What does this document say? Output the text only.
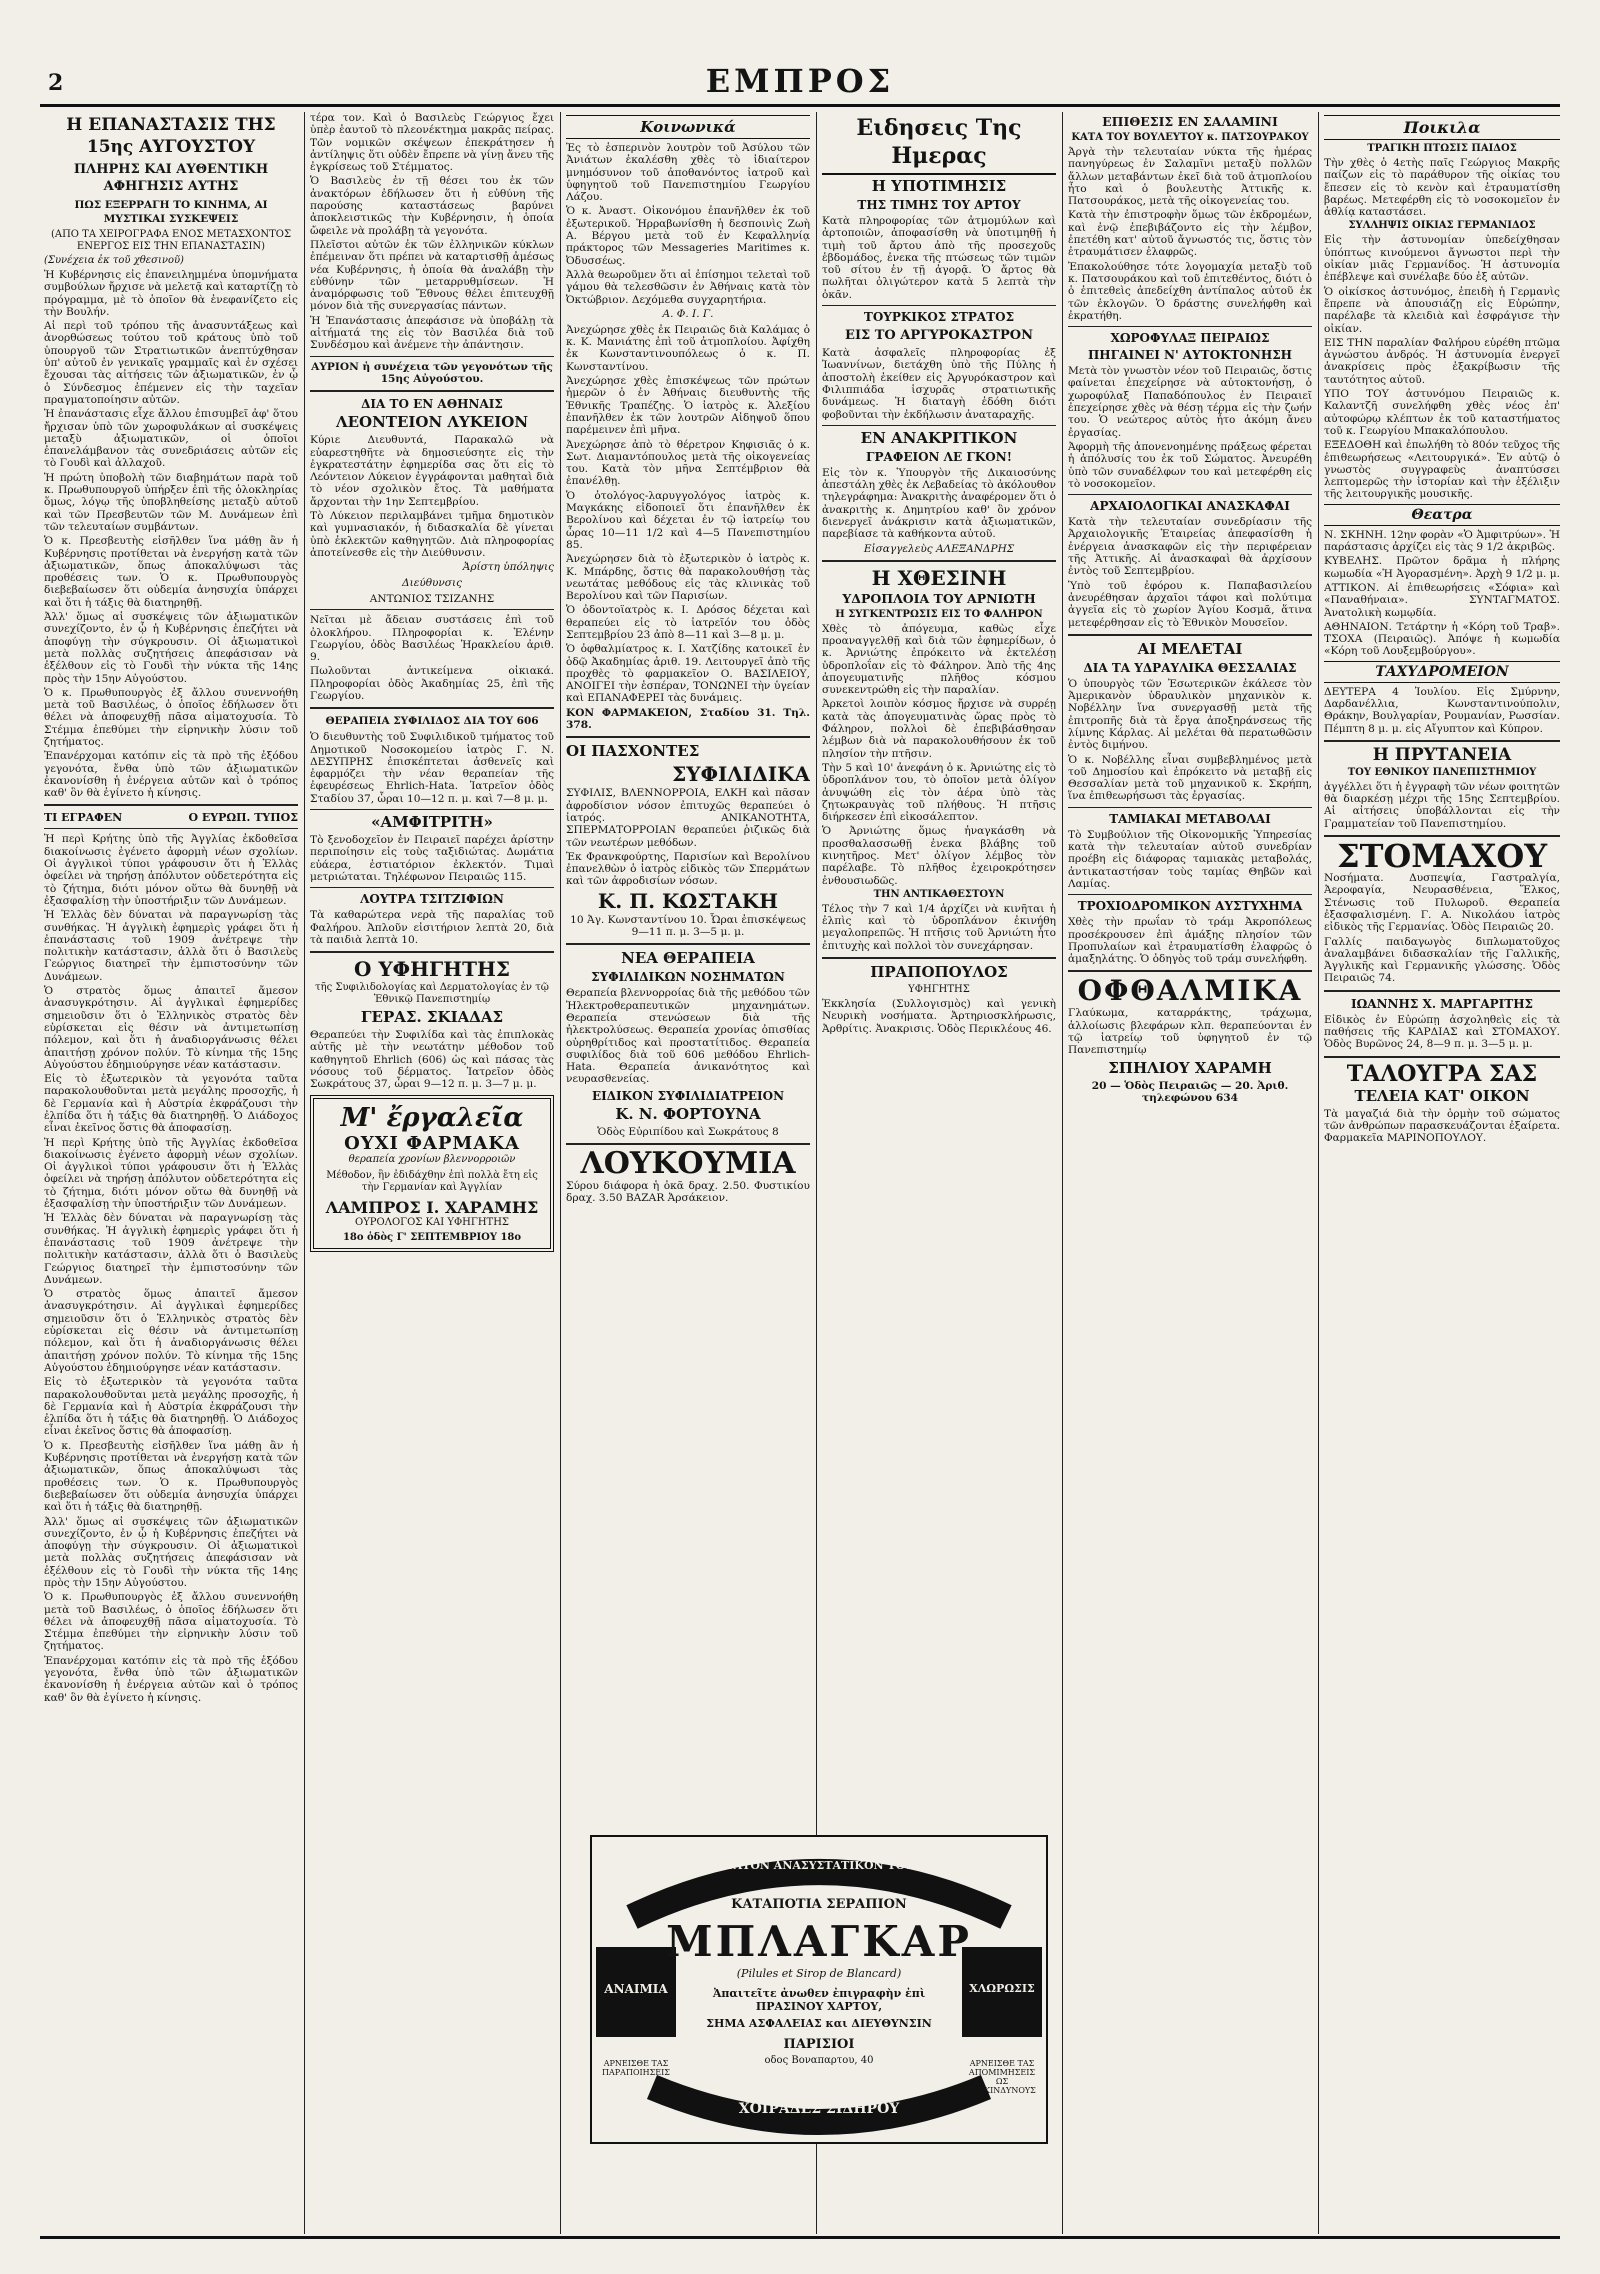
2	ΕΜΠΡΟΣ
Η ΕΠΑΝΑΣΤΑΣΙΣ ΤΗΣ 15ης ΑΥΓΟΥΣΤΟΥ
ΠΛΗΡΗΣ ΚΑΙ ΑΥΘΕΝΤΙΚΗ ΑΦΗΓΗΣΙΣ ΑΥΤΗΣ
ΠΩΣ ΕΞΕΡΡΑΓΗ ΤΟ ΚΙΝΗΜΑ, ΑΙ ΜΥΣΤΙΚΑΙ ΣΥΣΚΕΨΕΙΣ
(ΑΠΟ ΤΑ ΧΕΙΡΟΓΡΑΦΑ ΕΝΟΣ ΜΕΤΑΣΧΟΝΤΟΣ ΕΝΕΡΓΟΣ ΕΙΣ ΤΗΝ ΕΠΑΝΑΣΤΑΣΙΝ)
(Συνέχεια ἐκ τοῦ χθεσινοῦ)

Ἡ Κυβέρνησις εἰς ἐπανειλημμένα ὑπομνήματα συμβούλων ἤρχισε νὰ μελετᾷ καὶ καταρτίζῃ τὸ πρόγραμμα, μὲ τὸ ὁποῖον θὰ ἐνεφανίζετο εἰς τὴν Βουλήν.

Αἱ περὶ τοῦ τρόπου τῆς ἀνασυντάξεως καὶ ἀνορθώσεως τούτου τοῦ κράτους ὑπὸ τοῦ ὑπουργοῦ τῶν Στρατιωτικῶν ἀνεπτύχθησαν ὑπ' αὐτοῦ ἐν γενικαῖς γραμμαῖς καὶ ἐν σχέσει ἔχουσαι τὰς αἰτήσεις τῶν ἀξιωματικῶν, ἐν ᾧ ὁ Σύνδεσμος ἐπέμενεν εἰς τὴν ταχεῖαν πραγματοποίησιν αὐτῶν.

Ἡ ἐπανάστασις εἶχε ἄλλου ἐπισυμβεῖ ἀφ' ὅτου ἤρχισαν ὑπὸ τῶν χωροφυλάκων αἱ συσκέψεις μεταξὺ ἀξιωματικῶν, οἱ ὁποῖοι ἐπανελάμβανον τὰς συνεδριάσεις αὐτῶν εἰς τὸ Γουδὶ καὶ ἀλλαχοῦ.

Ἡ πρώτη ὑποβολὴ τῶν διαβημάτων παρὰ τοῦ κ. Πρωθυπουργοῦ ὑπήρξεν ἐπὶ τῆς ὁλοκληρίας ὅμως, λόγῳ τῆς ὑποβληθείσης μεταξὺ αὐτοῦ καὶ τῶν Πρεσβευτῶν τῶν Μ. Δυνάμεων ἐπὶ τῶν τελευταίων συμβάντων.

Ὁ κ. Πρεσβευτὴς εἰσῆλθεν ἵνα μάθῃ ἂν ἡ Κυβέρνησις προτίθεται νὰ ἐνεργήσῃ κατὰ τῶν ἀξιωματικῶν, ὅπως ἀποκαλύψωσι τὰς προθέσεις των. Ὁ κ. Πρωθυπουργὸς διεβεβαίωσεν ὅτι οὐδεμία ἀνησυχία ὑπάρχει καὶ ὅτι ἡ τάξις θὰ διατηρηθῇ.

Ἀλλ' ὅμως αἱ συσκέψεις τῶν ἀξιωματικῶν συνεχίζοντο, ἐν ᾧ ἡ Κυβέρνησις ἐπεζήτει νὰ ἀποφύγῃ τὴν σύγκρουσιν. Οἱ ἀξιωματικοὶ μετὰ πολλὰς συζητήσεις ἀπεφάσισαν νὰ ἐξέλθουν εἰς τὸ Γουδὶ τὴν νύκτα τῆς 14ης πρὸς τὴν 15ην Αὐγούστου.

Ὁ κ. Πρωθυπουργὸς ἐξ ἄλλου συνεννοήθη μετὰ τοῦ Βασιλέως, ὁ ὁποῖος ἐδήλωσεν ὅτι θέλει νὰ ἀποφευχθῇ πᾶσα αἱματοχυσία. Τὸ Στέμμα ἐπεθύμει τὴν εἰρηνικὴν λύσιν τοῦ ζητήματος.

Ἐπανέρχομαι κατόπιν εἰς τὰ πρὸ τῆς ἐξόδου γεγονότα, ἔνθα ὑπὸ τῶν ἀξιωματικῶν ἐκανονίσθη ἡ ἐνέργεια αὐτῶν καὶ ὁ τρόπος καθ' ὃν θὰ ἐγίνετο ἡ κίνησις.

ΤΙ ΕΓΡΑΦΕΝ	Ο ΕΥΡΩΠ. ΤΥΠΟΣ

Ἡ περὶ Κρήτης ὑπὸ τῆς Ἀγγλίας ἐκδοθεῖσα διακοίνωσις ἐγένετο ἀφορμὴ νέων σχολίων. Οἱ ἀγγλικοὶ τύποι γράφουσιν ὅτι ἡ Ἑλλὰς ὀφείλει νὰ τηρήσῃ ἀπόλυτον οὐδετερότητα εἰς τὸ ζήτημα, διότι μόνον οὕτω θὰ δυνηθῇ νὰ ἐξασφαλίσῃ τὴν ὑποστήριξιν τῶν Δυνάμεων.

Ἡ Ἑλλὰς δὲν δύναται νὰ παραγνωρίσῃ τὰς συνθήκας. Ἡ ἀγγλικὴ ἐφημερὶς γράφει ὅτι ἡ ἐπανάστασις τοῦ 1909 ἀνέτρεψε τὴν πολιτικὴν κατάστασιν, ἀλλὰ ὅτι ὁ Βασιλεὺς Γεώργιος διατηρεῖ τὴν ἐμπιστοσύνην τῶν Δυνάμεων.

Ὁ στρατὸς ὅμως ἀπαιτεῖ ἄμεσον ἀνασυγκρότησιν. Αἱ ἀγγλικαὶ ἐφημερίδες σημειοῦσιν ὅτι ὁ Ἑλληνικὸς στρατὸς δὲν εὑρίσκεται εἰς θέσιν νὰ ἀντιμετωπίσῃ πόλεμον, καὶ ὅτι ἡ ἀναδιοργάνωσις θέλει ἀπαιτήσῃ χρόνον πολύν. Τὸ κίνημα τῆς 15ης Αὐγούστου ἐδημιούργησε νέαν κατάστασιν.

Εἰς τὸ ἐξωτερικὸν τὰ γεγονότα ταῦτα παρακολουθοῦνται μετὰ μεγάλης προσοχῆς, ἡ δὲ Γερμανία καὶ ἡ Αὐστρία ἐκφράζουσι τὴν ἐλπίδα ὅτι ἡ τάξις θὰ διατηρηθῇ. Ὁ Διάδοχος εἶναι ἐκεῖνος ὅστις θὰ ἀποφασίσῃ.

Ἡ περὶ Κρήτης ὑπὸ τῆς Ἀγγλίας ἐκδοθεῖσα διακοίνωσις ἐγένετο ἀφορμὴ νέων σχολίων. Οἱ ἀγγλικοὶ τύποι γράφουσιν ὅτι ἡ Ἑλλὰς ὀφείλει νὰ τηρήσῃ ἀπόλυτον οὐδετερότητα εἰς τὸ ζήτημα, διότι μόνον οὕτω θὰ δυνηθῇ νὰ ἐξασφαλίσῃ τὴν ὑποστήριξιν τῶν Δυνάμεων.

Ἡ Ἑλλὰς δὲν δύναται νὰ παραγνωρίσῃ τὰς συνθήκας. Ἡ ἀγγλικὴ ἐφημερὶς γράφει ὅτι ἡ ἐπανάστασις τοῦ 1909 ἀνέτρεψε τὴν πολιτικὴν κατάστασιν, ἀλλὰ ὅτι ὁ Βασιλεὺς Γεώργιος διατηρεῖ τὴν ἐμπιστοσύνην τῶν Δυνάμεων.

Ὁ στρατὸς ὅμως ἀπαιτεῖ ἄμεσον ἀνασυγκρότησιν. Αἱ ἀγγλικαὶ ἐφημερίδες σημειοῦσιν ὅτι ὁ Ἑλληνικὸς στρατὸς δὲν εὑρίσκεται εἰς θέσιν νὰ ἀντιμετωπίσῃ πόλεμον, καὶ ὅτι ἡ ἀναδιοργάνωσις θέλει ἀπαιτήσῃ χρόνον πολύν. Τὸ κίνημα τῆς 15ης Αὐγούστου ἐδημιούργησε νέαν κατάστασιν.

Εἰς τὸ ἐξωτερικὸν τὰ γεγονότα ταῦτα παρακολουθοῦνται μετὰ μεγάλης προσοχῆς, ἡ δὲ Γερμανία καὶ ἡ Αὐστρία ἐκφράζουσι τὴν ἐλπίδα ὅτι ἡ τάξις θὰ διατηρηθῇ. Ὁ Διάδοχος εἶναι ἐκεῖνος ὅστις θὰ ἀποφασίσῃ.

Ὁ κ. Πρεσβευτὴς εἰσῆλθεν ἵνα μάθῃ ἂν ἡ Κυβέρνησις προτίθεται νὰ ἐνεργήσῃ κατὰ τῶν ἀξιωματικῶν, ὅπως ἀποκαλύψωσι τὰς προθέσεις των. Ὁ κ. Πρωθυπουργὸς διεβεβαίωσεν ὅτι οὐδεμία ἀνησυχία ὑπάρχει καὶ ὅτι ἡ τάξις θὰ διατηρηθῇ.

Ἀλλ' ὅμως αἱ συσκέψεις τῶν ἀξιωματικῶν συνεχίζοντο, ἐν ᾧ ἡ Κυβέρνησις ἐπεζήτει νὰ ἀποφύγῃ τὴν σύγκρουσιν. Οἱ ἀξιωματικοὶ μετὰ πολλὰς συζητήσεις ἀπεφάσισαν νὰ ἐξέλθουν εἰς τὸ Γουδὶ τὴν νύκτα τῆς 14ης πρὸς τὴν 15ην Αὐγούστου.

Ὁ κ. Πρωθυπουργὸς ἐξ ἄλλου συνεννοήθη μετὰ τοῦ Βασιλέως, ὁ ὁποῖος ἐδήλωσεν ὅτι θέλει νὰ ἀποφευχθῇ πᾶσα αἱματοχυσία. Τὸ Στέμμα ἐπεθύμει τὴν εἰρηνικὴν λύσιν τοῦ ζητήματος.

Ἐπανέρχομαι κατόπιν εἰς τὰ πρὸ τῆς ἐξόδου γεγονότα, ἔνθα ὑπὸ τῶν ἀξιωματικῶν ἐκανονίσθη ἡ ἐνέργεια αὐτῶν καὶ ὁ τρόπος καθ' ὃν θὰ ἐγίνετο ἡ κίνησις.

τέρα τον. Καὶ ὁ Βασιλεὺς Γεώργιος ἔχει ὑπὲρ ἑαυτοῦ τὸ πλεονέκτημα μακρᾶς πείρας. Τῶν νομικῶν σκέψεων ἐπεκράτησεν ἡ ἀντίληψις ὅτι οὐδὲν ἔπρεπε νὰ γίνῃ ἄνευ τῆς ἐγκρίσεως τοῦ Στέμματος.

Ὁ Βασιλεὺς ἐν τῇ θέσει του ἐκ τῶν ἀνακτόρων ἐδήλωσεν ὅτι ἡ εὐθύνη τῆς παρούσης καταστάσεως βαρύνει ἀποκλειστικῶς τὴν Κυβέρνησιν, ἡ ὁποία ὤφειλε νὰ προλάβῃ τὰ γεγονότα.

Πλεῖστοι αὐτῶν ἐκ τῶν ἐλληνικῶν κύκλων ἐπέμειναν ὅτι πρέπει νὰ καταρτισθῇ ἀμέσως νέα Κυβέρνησις, ἡ ὁποία θὰ ἀναλάβῃ τὴν εὐθύνην τῶν μεταρρυθμίσεων. Ἡ ἀναμόρφωσις τοῦ Ἔθνους θέλει ἐπιτευχθῇ μόνον διὰ τῆς συνεργασίας πάντων.

Ἡ Ἐπανάστασις ἀπεφάσισε νὰ ὑποβάλῃ τὰ αἰτήματά της εἰς τὸν Βασιλέα διὰ τοῦ Συνδέσμου καὶ ἀνέμενε τὴν ἀπάντησιν.

ΑΥΡΙΟΝ ἡ συνέχεια τῶν γεγονότων τῆς 15ης Αὐγούστου.

ΔΙΑ ΤΟ ΕΝ ΑΘΗΝΑΙΣ
ΛΕΟΝΤΕΙΟΝ ΛΥΚΕΙΟΝ

Κύριε Διευθυντά, Παρακαλῶ νὰ εὐαρεστηθῆτε νὰ δημοσιεύσητε εἰς τὴν ἐγκρατεστάτην ἐφημερίδα σας ὅτι εἰς τὸ Λεόντειον Λύκειον ἐγγράφονται μαθηταὶ διὰ τὸ νέον σχολικὸν ἔτος. Τὰ μαθήματα ἄρχονται τὴν 1ην Σεπτεμβρίου.

Τὸ Λύκειον περιλαμβάνει τμῆμα δημοτικὸν καὶ γυμνασιακόν, ἡ διδασκαλία δὲ γίνεται ὑπὸ ἐκλεκτῶν καθηγητῶν. Διὰ πληροφορίας ἀποτείνεσθε εἰς τὴν Διεύθυνσιν.

Ἀρίστη ὑπόληψις
Διεύθυνσις
ΑΝΤΩΝΙΟΣ ΤΣΙΖΑΝΗΣ

Νεῖται μὲ ἄδειαν συστάσεις ἐπὶ τοῦ ὀλοκλήρου. Πληροφορίαι κ. Ἑλένην Γεωργίου, ὁδὸς Βασιλέως Ἡρακλείου ἀριθ. 9.

Πωλοῦνται ἀντικείμενα οἰκιακά. Πληροφορίαι ὁδὸς Ἀκαδημίας 25, ἐπὶ τῆς Γεωργίου.

ΘΕΡΑΠΕΙΑ ΣΥΦΙΛΙΔΟΣ ΔΙΑ ΤΟΥ 606

Ὁ διευθυντὴς τοῦ Συφιλιδικοῦ τμήματος τοῦ Δημοτικοῦ Νοσοκομείου ἰατρὸς Γ. Ν. ΔΕΣΥΠΡΗΣ ἐπισκέπτεται ἀσθενεῖς καὶ ἐφαρμόζει τὴν νέαν θεραπείαν τῆς ἐφευρέσεως Ehrlich-Hata. Ἰατρεῖον ὁδὸς Σταδίου 37, ὧραι 10—12 π. μ. καὶ 7—8 μ. μ.

«ΑΜΦΙΤΡΙΤΗ»

Τὸ ξενοδοχεῖον ἐν Πειραιεῖ παρέχει ἀρίστην περιποίησιν εἰς τοὺς ταξιδιώτας. Δωμάτια εὐάερα, ἐστιατόριον ἐκλεκτόν. Τιμαὶ μετριώταται. Τηλέφωνον Πειραιῶς 115.

ΛΟΥΤΡΑ ΤΣΙΤΖΙΦΙΩΝ

Τὰ καθαρώτερα νερὰ τῆς παραλίας τοῦ Φαλήρου. Ἀπλοῦν εἰσιτήριον λεπτὰ 20, διὰ τὰ παιδιὰ λεπτὰ 10.

Ο ΥΦΗΓΗΤΗΣ
τῆς Συφιλιδολογίας καὶ Δερματολογίας ἐν τῷ Ἐθνικῷ Πανεπιστημίῳ
ΓΕΡΑΣ. ΣΚΙΑΔΑΣ

Θεραπεύει τὴν Συφιλίδα καὶ τὰς ἐπιπλοκὰς αὐτῆς μὲ τὴν νεωτάτην μέθοδον τοῦ καθηγητοῦ Ehrlich (606) ὡς καὶ πάσας τὰς νόσους τοῦ δέρματος. Ἰατρεῖον ὁδὸς Σωκράτους 37, ὧραι 9—12 π. μ. 3—7 μ. μ.

Μ' ἔργαλεῖα
ΟΥΧΙ ΦΑΡΜΑΚΑ
θεραπεία χρονίων βλεννορροιῶν
Μέθοδον, ἣν ἐδιδάχθην ἐπὶ πολλὰ ἔτη εἰς τὴν Γερμανίαν καὶ Ἀγγλίαν
ΛΑΜΠΡΟΣ Ι. ΧΑΡΑΜΗΣ
ΟΥΡΟΛΟΓΟΣ ΚΑΙ ΥΦΗΓΗΤΗΣ
18ο ὁδὸς Γ' ΣΕΠΤΕΜΒΡΙΟΥ 18ο
Κοινωνικά

Ἐς τὸ ἑσπερινὸν λουτρὸν τοῦ Ἀσύλου τῶν Ἀνιάτων ἐκαλέσθη χθὲς τὸ ἰδιαίτερον μνημόσυνον τοῦ ἀποθανόντος ἰατροῦ καὶ ὑφηγητοῦ τοῦ Πανεπιστημίου Γεωργίου Λάζου.

Ὁ κ. Ἀναστ. Οἰκονόμου ἐπανῆλθεν ἐκ τοῦ ἐξωτερικοῦ. Ἡρραβωνίσθη ἡ δεσποινὶς Ζωὴ Α. Βέργου μετὰ τοῦ ἐν Κεφαλληνίᾳ πράκτορος τῶν Messageries Maritimes κ. Ὀδυσσέως.

Ἀλλὰ θεωροῦμεν ὅτι αἱ ἐπίσημοι τελεταὶ τοῦ γάμου θὰ τελεσθῶσιν ἐν Ἀθήναις κατὰ τὸν Ὀκτώβριον. Δεχόμεθα συγχαρητήρια.

Α. Φ. Ι. Γ.

Ἀνεχώρησε χθὲς ἐκ Πειραιῶς διὰ Καλάμας ὁ κ. Κ. Μανιάτης ἐπὶ τοῦ ἀτμοπλοίου. Ἀφίχθη ἐκ Κωνσταντινουπόλεως ὁ κ. Π. Κωνσταντίνου.

Ἀνεχώρησε χθὲς ἐπισκέψεως τῶν πρώτων ἡμερῶν ὁ ἐν Ἀθήναις διευθυντὴς τῆς Ἑθνικῆς Τραπέζης. Ὁ ἰατρὸς κ. Ἀλεξίου ἐπανῆλθεν ἐκ τῶν λουτρῶν Αἰδηψοῦ ὅπου παρέμεινεν ἐπὶ μῆνα.

Ἀνεχώρησε ἀπὸ τὸ θέρετρον Κηφισιᾶς ὁ κ. Σωτ. Διαμαντόπουλος μετὰ τῆς οἰκογενείας του. Κατὰ τὸν μῆνα Σεπτέμβριον θὰ ἐπανέλθῃ.

Ὁ ὀτολόγος-λαρυγγολόγος ἰατρὸς κ. Μαγκάκης εἰδοποιεῖ ὅτι ἐπανῆλθεν ἐκ Βερολίνου καὶ δέχεται ἐν τῷ ἰατρείῳ του ὧρας 10—11 1/2 καὶ 4—5 Πανεπιστημίου 85.

Ἀνεχώρησεν διὰ τὸ ἐξωτερικὸν ὁ ἰατρὸς κ. Κ. Μπάρδης, ὅστις θὰ παρακολουθήσῃ τὰς νεωτάτας μεθόδους εἰς τὰς κλινικὰς τοῦ Βερολίνου καὶ τῶν Παρισίων.

Ὁ ὀδοντοϊατρὸς κ. Ι. Δρόσος δέχεται καὶ θεραπεύει εἰς τὸ ἰατρεῖόν του ὁδὸς Σεπτεμβρίου 23 ἀπὸ 8—11 καὶ 3—8 μ. μ.

Ὁ ὀφθαλμίατρος κ. Ι. Χατζίδης κατοικεῖ ἐν ὁδῷ Ἀκαδημίας ἀριθ. 19. Λειτουργεῖ ἀπὸ τῆς προχθὲς τὸ φαρμακεῖον Ο. ΒΑΣΙΛΕΙΟΥ, ΑΝΟΙΓΕΙ τὴν ἑσπέραν, ΤΟΝΩΝΕΙ τὴν ὑγείαν καὶ ΕΠΑΝΑΦΕΡΕΙ τὰς δυνάμεις.

ΚΟΝ ΦΑΡΜΑΚΕΙΟΝ, Σταδίου 31. Τηλ. 378.

ΟΙ ΠΑΣΧΟΝΤΕΣ
ΣΥΦΙΛΙΔΙΚΑ

ΣΥΦΙΛΙΣ, ΒΛΕΝΝΟΡΡΟΙΑ, ΕΛΚΗ καὶ πᾶσαν ἀφροδίσιον νόσον ἐπιτυχῶς θεραπεύει ὁ ἰατρός. ΑΝΙΚΑΝΟΤΗΤΑ, ΣΠΕΡΜΑΤΟΡΡΟΙΑΝ θεραπεύει ῥιζικῶς διὰ τῶν νεωτέρων μεθόδων.

Ἐκ Φρανκφούρτης, Παρισίων καὶ Βερολίνου ἐπανελθὼν ὁ ἰατρὸς εἰδικὸς τῶν Σπερμάτων καὶ τῶν ἀφροδισίων νόσων.

Κ. Π. ΚΩΣΤΑΚΗ

10 Ἀγ. Κωνσταντίνου 10. Ὧραι ἐπισκέψεως 9—11 π. μ. 3—5 μ. μ.

ΝΕΑ ΘΕΡΑΠΕΙΑ
ΣΥΦΙΛΙΔΙΚΩΝ ΝΟΣΗΜΑΤΩΝ

Θεραπεία βλεννορροίας διὰ τῆς μεθόδου τῶν Ἠλεκτροθεραπευτικῶν μηχανημάτων. Θεραπεία στενώσεων διὰ τῆς ἠλεκτρολύσεως. Θεραπεία χρονίας ὀπισθίας οὐρηθρίτιδος καὶ προστατίτιδος. Θεραπεία συφιλίδος διὰ τοῦ 606 μεθόδου Ehrlich-Hata. Θεραπεία ἀνικανότητος καὶ νευρασθενείας.

ΕΙΔΙΚΟΝ ΣΥΦΙΛΙΔΙΑΤΡΕΙΟΝ
Κ. Ν. ΦΟΡΤΟΥΝΑ

Ὁδὸς Εὐριπίδου καὶ Σωκράτους 8

ΛΟΥΚΟΥΜΙΑ

Σύρου διάφορα ἡ ὀκᾶ δραχ. 2.50. Φυστικίου δραχ. 3.50 BAZAR Ἀρσάκειον.

Ειδησεις Της Ημερας
Η ΥΠΟΤΙΜΗΣΙΣ
ΤΗΣ ΤΙΜΗΣ ΤΟΥ ΑΡΤΟΥ

Κατὰ πληροφορίας τῶν ἀτμομύλων καὶ ἀρτοποιῶν, ἀποφασίσθη νὰ ὑποτιμηθῇ ἡ τιμὴ τοῦ ἄρτου ἀπὸ τῆς προσεχοῦς ἑβδομάδος, ἐνεκα τῆς πτώσεως τῶν τιμῶν τοῦ σίτου ἐν τῇ ἀγορᾷ. Ὁ ἄρτος θὰ πωλῆται ὀλιγώτερον κατὰ 5 λεπτὰ τὴν ὀκᾶν.

ΤΟΥΡΚΙΚΟΣ ΣΤΡΑΤΟΣ
ΕΙΣ ΤΟ ΑΡΓΥΡΟΚΑΣΤΡΟΝ

Κατὰ ἀσφαλεῖς πληροφορίας ἐξ Ἰωαννίνων, διετάχθη ὑπὸ τῆς Πύλης ἡ ἀποστολὴ ἐκείθεν εἰς Ἀργυρόκαστρον καὶ Φιλιππιάδα ἱσχυρᾶς στρατιωτικῆς δυνάμεως. Ἡ διαταγὴ ἐδόθη διότι φοβοῦνται τὴν ἐκδήλωσιν ἀναταραχῆς.

ΕΝ ΑΝΑΚΡΙΤΙΚΟΝ
ΓΡΑΦΕΙΟΝ ΛΕ ΓΚΟΝ!

Εἰς τὸν κ. Ὑπουργὸν τῆς Δικαιοσύνης ἀπεστάλη χθὲς ἐκ Λεβαδείας τὸ ἀκόλουθον τηλεγράφημα: Ἀνακριτὴς ἀναφέρομεν ὅτι ὁ ἀνακριτὴς κ. Δημητρίου καθ' ὃν χρόνον διενεργεῖ ἀνάκρισιν κατὰ ἀξιωματικῶν, παρεβίασε τὰ καθήκοντα αὐτοῦ.

Εἰσαγγελεὺς ΑΛΕΞΑΝΔΡΗΣ
Η ΧΘΕΣΙΝΗ
ΥΔΡΟΠΛΟΙΑ ΤΟΥ ΑΡΝΙΩΤΗ
Η ΣΥΓΚΕΝΤΡΩΣΙΣ ΕΙΣ ΤΟ ΦΑΛΗΡΟΝ

Χθὲς τὸ ἀπόγευμα, καθὼς εἶχε προαναγγελθῇ καὶ διὰ τῶν ἐφημερίδων, ὁ κ. Ἀρνιώτης ἐπρόκειτο νὰ ἐκτελέσῃ ὑδροπλοΐαν εἰς τὸ Φάληρον. Ἀπὸ τῆς 4ης ἀπογευματινῆς πλῆθος κόσμου συνεκεντρώθη εἰς τὴν παραλίαν.

Ἀρκετοὶ λοιπὸν κόσμος ἤρχισε νὰ συρρέῃ κατὰ τὰς ἀπογευματινὰς ὥρας πρὸς τὸ Φάληρον, πολλοὶ δὲ ἐπεβιβάσθησαν λέμβων διὰ νὰ παρακολουθήσουν ἐκ τοῦ πλησίον τὴν πτῆσιν.

Τὴν 5 καὶ 10' ἀνεφάνη ὁ κ. Ἀρνιώτης εἰς τὸ ὑδροπλάνον του, τὸ ὁποῖον μετὰ ὀλίγον ἀνυψώθη εἰς τὸν ἀέρα ὑπὸ τὰς ζητωκραυγὰς τοῦ πλήθους. Ἡ πτῆσις διήρκεσεν ἐπὶ εἰκοσάλεπτον.

Ὁ Ἀρνιώτης ὅμως ἠναγκάσθη νὰ προσθαλασσωθῇ ἐνεκα βλάβης τοῦ κινητῆρος. Μετ' ὀλίγον λέμβος τὸν παρέλαβε. Τὸ πλῆθος ἐχειροκρότησεν ἐνθουσιωδῶς.

ΤΗΝ ΑΝΤΙΚΑΘΕΣΤΟΥΝ

Τέλος τὴν 7 καὶ 1/4 ἀρχίζει νὰ κινῆται ἡ ἐλπὶς καὶ τὸ ὑδροπλάνον ἐκινήθη μεγαλοπρεπῶς. Ἡ πτῆσις τοῦ Ἀρνιώτη ἦτο ἐπιτυχὴς καὶ πολλοὶ τὸν συνεχάρησαν.

ΠΡΑΠΟΠΟΥΛΟΣ
ΥΦΗΓΗΤΗΣ

Ἐκκλησία (Συλλογισμὸς) καὶ γενικὴ Νευρικὴ νοσήματα. Ἀρτηριοσκλήρωσις, Ἀρθρίτις. Ἀνακρισις. Ὁδὸς Περικλέους 46.

ΕΠΙΘΕΣΙΣ ΕΝ ΣΑΛΑΜΙΝΙ
ΚΑΤΑ ΤΟΥ ΒΟΥΛΕΥΤΟΥ κ. ΠΑΤΣΟΥΡΑΚΟΥ

Ἀργὰ τὴν τελευταίαν νύκτα τῆς ἡμέρας πανηγύρεως ἐν Σαλαμῖνι μεταξὺ πολλῶν ἄλλων μεταβάντων ἐκεῖ διὰ τοῦ ἀτμοπλοίου ἦτο καὶ ὁ βουλευτὴς Ἀττικῆς κ. Πατσουράκος, μετὰ τῆς οἰκογενείας του.

Κατὰ τὴν ἐπιστροφὴν ὅμως τῶν ἐκδρομέων, καὶ ἐνῷ ἐπεβιβάζοντο εἰς τὴν λέμβον, ἐπετέθη κατ' αὐτοῦ ἄγνωστός τις, ὅστις τὸν ἐτραυμάτισεν ἐλαφρῶς.

Ἐπακολούθησε τότε λογομαχία μεταξὺ τοῦ κ. Πατσουράκου καὶ τοῦ ἐπιτεθέντος, διότι ὁ ὁ ἐπιτεθεὶς ἀπεδείχθη ἀντίπαλος αὐτοῦ ἐκ τῶν ἐκλογῶν. Ὁ δράστης συνελήφθη καὶ ἐκρατήθη.

ΧΩΡΟΦΥΛΑΞ ΠΕΙΡΑΙΩΣ
ΠΗΓΑΙΝΕΙ Ν' ΑΥΤΟΚΤΟΝΗΣΗ

Μετὰ τὸν γνωστὸν νέον τοῦ Πειραιῶς, ὅστις φαίνεται ἐπεχείρησε νὰ αὐτοκτονήσῃ, ὁ χωροφύλαξ Παπαδόπουλος ἐν Πειραιεῖ ἐπεχείρησε χθὲς νὰ θέσῃ τέρμα εἰς τὴν ζωήν του. Ὁ νεώτερος αὐτὸς ἦτο ἀκόμη ἄνευ ἐργασίας.

Ἀφορμὴ τῆς ἀπονενοημένης πράξεως φέρεται ἡ ἀπόλυσίς του ἐκ τοῦ Σώματος. Ἀνευρέθη ὑπὸ τῶν συναδέλφων του καὶ μετεφέρθη εἰς τὸ νοσοκομεῖον.

ΑΡΧΑΙΟΛΟΓΙΚΑΙ ΑΝΑΣΚΑΦΑΙ

Κατὰ τὴν τελευταίαν συνεδρίασιν τῆς Ἀρχαιολογικῆς Ἑταιρείας ἀπεφασίσθη ἡ ἐνέργεια ἀνασκαφῶν εἰς τὴν περιφέρειαν τῆς Ἀττικῆς. Αἱ ἀνασκαφαὶ θὰ ἀρχίσουν ἐντὸς τοῦ Σεπτεμβρίου.

Ὑπὸ τοῦ ἐφόρου κ. Παπαβασιλείου ἀνευρέθησαν ἀρχαῖοι τάφοι καὶ πολύτιμα ἀγγεῖα εἰς τὸ χωρίον Ἀγίου Κοσμᾶ, ἅτινα μετεφέρθησαν εἰς τὸ Ἐθνικὸν Μουσεῖον.

ΑΙ ΜΕΛΕΤΑΙ
ΔΙΑ ΤΑ ΥΔΡΑΥΛΙΚΑ ΘΕΣΣΑΛΙΑΣ

Ὁ ὑπουργὸς τῶν Ἐσωτερικῶν ἐκάλεσε τὸν Ἀμερικανὸν ὑδραυλικὸν μηχανικὸν κ. Νοβέλλην ἵνα συνεργασθῇ μετὰ τῆς ἐπιτροπῆς διὰ τὰ ἔργα ἀποξηράνσεως τῆς λίμνης Κάρλας. Αἱ μελέται θὰ περατωθῶσιν ἐντὸς διμήνου.

Ὁ κ. Νοβέλλης εἶναι συμβεβλημένος μετὰ τοῦ Δημοσίου καὶ ἐπρόκειτο νὰ μεταβῇ εἰς Θεσσαλίαν μετὰ τοῦ μηχανικοῦ κ. Σκρήπη, ἵνα ἐπιθεωρήσωσι τὰς ἐργασίας.

ΤΑΜΙΑΚΑΙ ΜΕΤΑΒΟΛΑΙ

Τὸ Συμβούλιον τῆς Οἰκονομικῆς Ὑπηρεσίας κατὰ τὴν τελευταίαν αὐτοῦ συνεδρίαν προέβη εἰς διάφορας ταμιακὰς μεταβολάς, ἀντικαταστήσαν τοὺς ταμίας Θηβῶν καὶ Λαμίας.

ΤΡΟΧΙΟΔΡΟΜΙΚΟΝ ΑΥΣΤΥΧΗΜΑ

Χθὲς τὴν πρωΐαν τὸ τράμ Ἀκροπόλεως προσέκρουσεν ἐπὶ ἁμάξης πλησίον τῶν Προπυλαίων καὶ ἐτραυματίσθη ἐλαφρῶς ὁ ἁμαξηλάτης. Ὁ ὁδηγὸς τοῦ τράμ συνελήφθη.

ΟΦΘΑΛΜΙΚΑ

Γλαύκωμα, καταρράκτης, τράχωμα, ἀλλοίωσις βλεφάρων κλπ. θεραπεύονται ἐν τῷ ἰατρείῳ τοῦ ὑφηγητοῦ ἐν τῷ Πανεπιστημίῳ

ΣΠΗΛΙΟΥ ΧΑΡΑΜΗ

20 — Ὁδὸς Πειραιῶς — 20. Ἀριθ. τηλεφώνου 634

Ποικιλα
ΤΡΑΓΙΚΗ ΠΤΩΣΙΣ ΠΑΙΔΟΣ

Τὴν χθὲς ὁ 4ετὴς παῖς Γεώργιος Μακρῆς παίζων εἰς τὸ παράθυρον τῆς οἰκίας του ἔπεσεν εἰς τὸ κενὸν καὶ ἐτραυματίσθη βαρέως. Μετεφέρθη εἰς τὸ νοσοκομεῖον ἐν ἀθλίᾳ καταστάσει.

ΣΥΛΛΗΨΙΣ ΟΙΚΙΑΣ ΓΕΡΜΑΝΙΔΟΣ

Εἰς τὴν ἀστυνομίαν ὑπεδείχθησαν ὑπόπτως κινούμενοι ἄγνωστοι περὶ τὴν οἰκίαν μιᾶς Γερμανίδος. Ἡ ἀστυνομία ἐπέβλεψε καὶ συνέλαβε δύο ἐξ αὐτῶν.

Ὁ οἰκίσκος ἀστυνόμος, ἐπειδὴ ἡ Γερμανὶς ἔπρεπε νὰ ἀπουσιάζῃ εἰς Εὐρώπην, παρέλαβε τὰ κλειδιὰ καὶ ἐσφράγισε τὴν οἰκίαν.

ΕΙΣ ΤΗΝ παραλίαν Φαλήρου εὑρέθη πτῶμα ἀγνώστου ἀνδρός. Ἡ ἀστυνομία ἐνεργεῖ ἀνακρίσεις πρὸς ἐξακρίβωσιν τῆς ταυτότητος αὐτοῦ.

ΥΠΟ ΤΟΥ ἀστυνόμου Πειραιῶς κ. Καλαντζῆ συνελήφθη χθὲς νέος ἐπ' αὐτοφώρῳ κλέπτων ἐκ τοῦ καταστήματος τοῦ κ. Γεωργίου Μπακαλόπουλου.

ΕΞΕΔΟΘΗ καὶ ἐπωλήθη τὸ 80όν τεῦχος τῆς ἐπιθεωρήσεως «Λειτουργικά». Ἐν αὐτῷ ὁ γνωστὸς συγγραφεὺς ἀναπτύσσει λεπτομερῶς τὴν ἱστορίαν καὶ τὴν ἐξέλιξιν τῆς λειτουργικῆς μουσικῆς.

Θεατρα

Ν. ΣΚΗΝΗ. 12ην φορὰν «Ὁ Ἀμφιτρύων». Ἡ παράστασις ἀρχίζει εἰς τὰς 9 1/2 ἀκριβῶς.

ΚΥΒΕΛΗΣ. Πρῶτον δρᾶμα ἡ πλήρης κωμωδία «Ἡ Ἀγορασμένη». Ἀρχὴ 9 1/2 μ. μ.

ΑΤΤΙΚΟΝ. Αἱ ἐπιθεωρήσεις «Σόφια» καὶ «Παναθήναια». ΣΥΝΤΑΓΜΑΤΟΣ. Ἀνατολικὴ κωμῳδία.

ΑΘΗΝΑΙΟΝ. Τετάρτην ἡ «Κόρη τοῦ Τραβ». ΤΣΟΧΑ (Πειραιῶς). Ἀπόψε ἡ κωμωδία «Κόρη τοῦ Λουξεμβούργου».

ΤΑΧΥΔΡΟΜΕΙΟΝ

ΔΕΥΤΕΡΑ 4 Ἰουλίου. Εἰς Σμύρνην, Δαρδανέλλια, Κωνσταντινούπολιν, Θράκην, Βουλγαρίαν, Ρουμανίαν, Ρωσσίαν. Πέμπτη 8 μ. μ. εἰς Αἴγυπτον καὶ Κύπρον.

Η ΠΡΥΤΑΝΕΙΑ
ΤΟΥ ΕΘΝΙΚΟΥ ΠΑΝΕΠΙΣΤΗΜΙΟΥ

ἀγγέλλει ὅτι ἡ ἐγγραφὴ τῶν νέων φοιτητῶν θὰ διαρκέσῃ μέχρι τῆς 15ης Σεπτεμβρίου. Αἱ αἰτήσεις ὑποβάλλονται εἰς τὴν Γραμματείαν τοῦ Πανεπιστημίου.

ΣΤΟΜΑΧΟΥ

Νοσήματα. Δυσπεψία, Γαστραλγία, Ἀεροφαγία, Νευρασθένεια, Ἕλκος, Στένωσις τοῦ Πυλωροῦ. Θεραπεία ἐξασφαλισμένη. Γ. Α. Νικολάου ἰατρὸς εἰδικὸς τῆς Γερμανίας. Ὁδὸς Πειραιῶς 20.

Γαλλίς παιδαγωγὸς διπλωματοῦχος ἀναλαμβάνει διδασκαλίαν τῆς Γαλλικῆς, Ἀγγλικῆς καὶ Γερμανικῆς γλώσσης. Ὁδὸς Πειραιῶς 74.

ΙΩΑΝΝΗΣ Χ. ΜΑΡΓΑΡΙΤΗΣ

Εἰδικὸς ἐν Εὐρώπῃ ἀσχοληθεὶς εἰς τὰ παθήσεις τῆς ΚΑΡΔΙΑΣ καὶ ΣΤΟΜΑΧΟΥ. Ὁδὸς Βυρῶνος 24, 8—9 π. μ. 3—5 μ. μ.

ΤΑΛΟΥΓΡΑ ΣΑΣ
ΤΕΛΕΙΑ ΚΑΤ' ΟΙΚΟΝ

Τὰ μαγαζιά διὰ τὴν ὁρμὴν τοῦ σώματος τῶν ἀνθρώπων παρασκευάζονται ἐξαίρετα. Φαρμακεῖα ΜΑΡΙΝΟΠΟΥΛΟΥ.

ΤΟ ΕΧΥΡΟΤΑΤΟΝ ΑΝΑΣΥΣΤΑΤΙΚΟΝ ΤΟΥ ΑΙΜΑΤΟΣ
ΚΑΤΑΠΟΤΙΑ ΣΕΡΑΠΙΟΝ
ΜΠΛΑΓΚΑΡ
(Pilules et Sirop de Blancard)
ΑΝΑΙΜΙΑ	ΧΛΩΡΩΣΙΣ
Ἀπαιτεῖτε ἀνωθεν ἐπιγραφὴν ἐπὶ ΠΡΑΣΙΝΟΥ ΧΑΡΤΟΥ,
ΣΗΜΑ ΑΣΦΑΛΕΙΑΣ και ΔΙΕΥΘΥΝΣΙΝ
ΠΑΡΙΣΙΟΙ
οδος Βοναπαρτου, 40
ΧΟΙΡΑΔΕΣ ΣΙΔΗΡΟΥ
ΑΡΝΕΙΣΘΕ ΤΑΣ ΠΑΡΑΠΟΙΗΣΕΙΣ
ΑΡΝΕΙΣΘΕ ΤΑΣ ΑΠΟΜΙΜΗΣΕΙΣ ΩΣ ΕΠΙΚΙΝΔΥΝΟΥΣ
